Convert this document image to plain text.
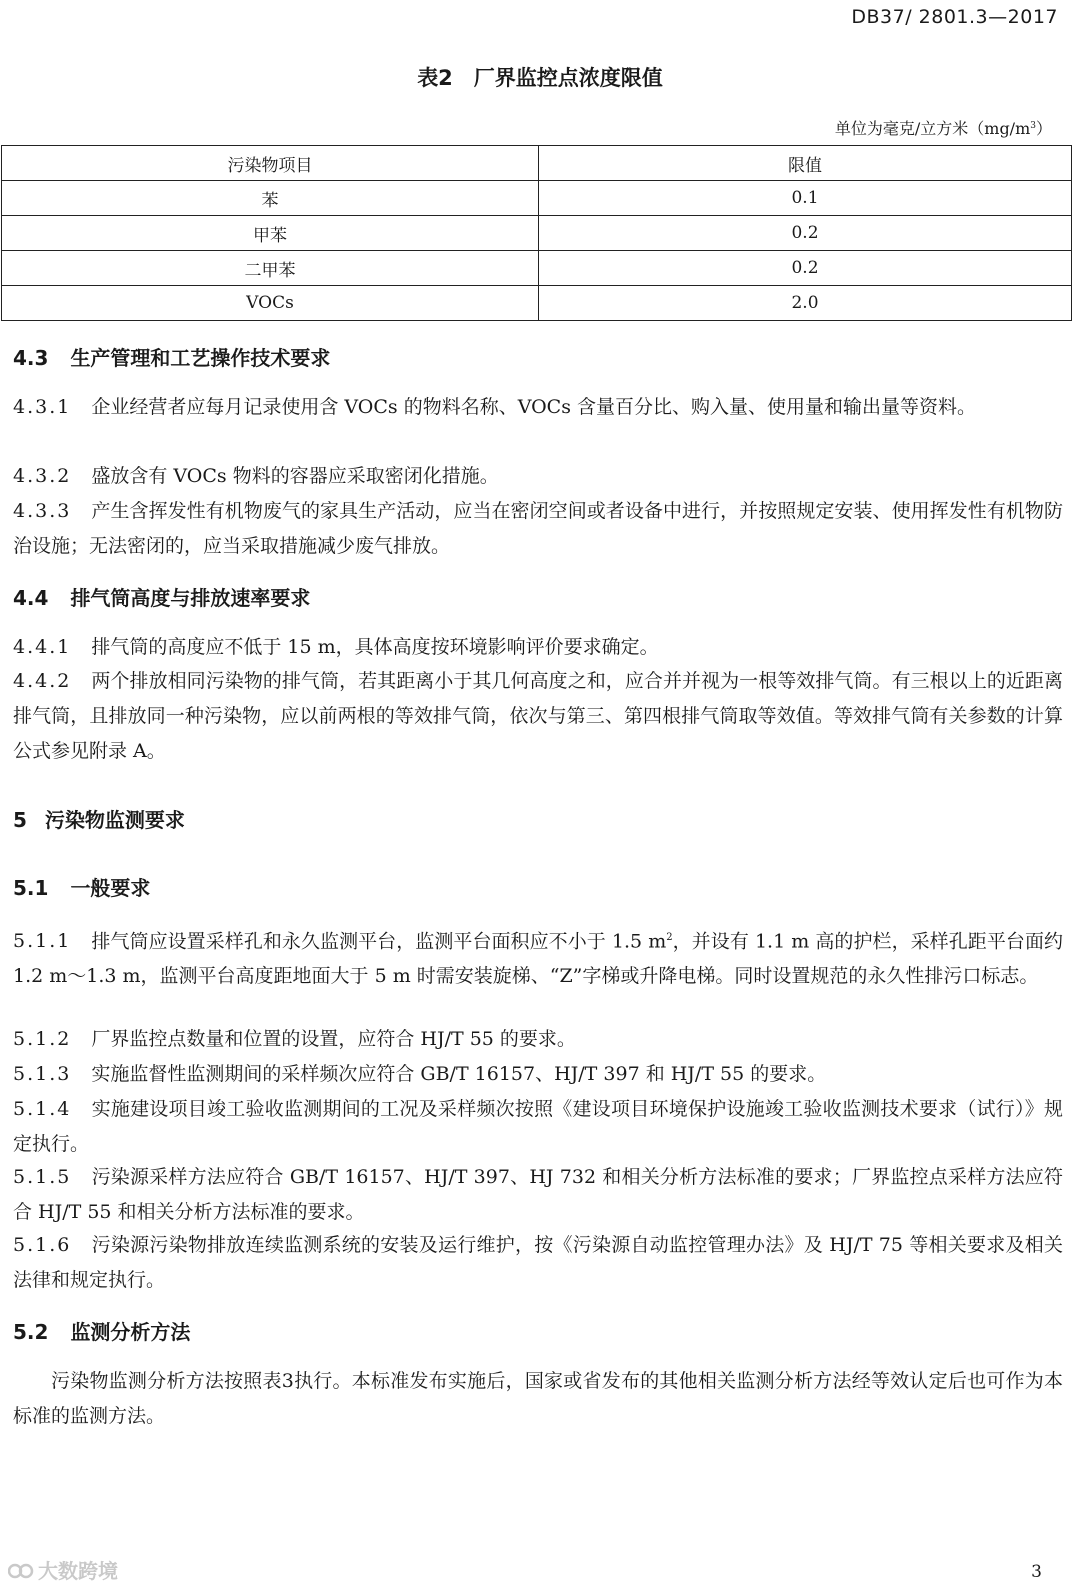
DB37/ 2801.3—2017
表2　厂界监控点浓度限值
单位为毫克/立方米$(mg/m^3)$
污染物项目	限值
苯	0.1
甲苯	0.2
二甲苯	0.2
VOCs	2.0
4.3 生产管理和工艺操作技术要求
4.3.1 企业经营者应每月记录使用含 VOCs 的物料名称、VOCs 含量百分比、购入量、使用量和输出量等资料。
4.3.2 盛放含有 VOCs 物料的容器应采取密闭化措施。
4.3.3 产生含挥发性有机物废气的家具生产活动，应当在密闭空间或者设备中进行，并按照规定安装、使用挥发性有机物防治设施；无法密闭的，应当采取措施减少废气排放。
4.4 排气筒高度与排放速率要求
4.4.1 排气筒的高度应不低于 15 m，具体高度按环境影响评价要求确定。
4.4.2 两个排放相同污染物的排气筒，若其距离小于其几何高度之和，应合并并视为一根等效排气筒。有三根以上的近距离排气筒，且排放同一种污染物，应以前两根的等效排气筒，依次与第三、第四根排气筒取等效值。等效排气筒有关参数的计算公式参见附录 A。
5 污染物监测要求
5.1 一般要求
5.1.1 排气筒应设置采样孔和永久监测平台，监测平台面积应不小于 1.5 $m^2$，并设有 1.1 m 高的护栏，采样孔距平台面约 1.2 m～1.3 m，监测平台高度距地面大于 5 m 时需安装旋梯、“Z”字梯或升降电梯。同时设置规范的永久性排污口标志。
5.1.2 厂界监控点数量和位置的设置，应符合 HJ/T 55 的要求。
5.1.3 实施监督性监测期间的采样频次应符合 GB/T 16157、HJ/T 397 和 HJ/T 55 的要求。
5.1.4 实施建设项目竣工验收监测期间的工况及采样频次按照《建设项目环境保护设施竣工验收监测技术要求（试行）》规定执行。
5.1.5 污染源采样方法应符合 GB/T 16157、HJ/T 397、HJ 732 和相关分析方法标准的要求；厂界监控点采样方法应符合 HJ/T 55 和相关分析方法标准的要求。
5.1.6 污染源污染物排放连续监测系统的安装及运行维护，按《污染源自动监控管理办法》及 HJ/T 75 等相关要求及相关法律和规定执行。
5.2 监测分析方法
污染物监测分析方法按照表3执行。本标准发布实施后，国家或省发布的其他相关监测分析方法经等效认定后也可作为本标准的监测方法。
大数跨境	3
